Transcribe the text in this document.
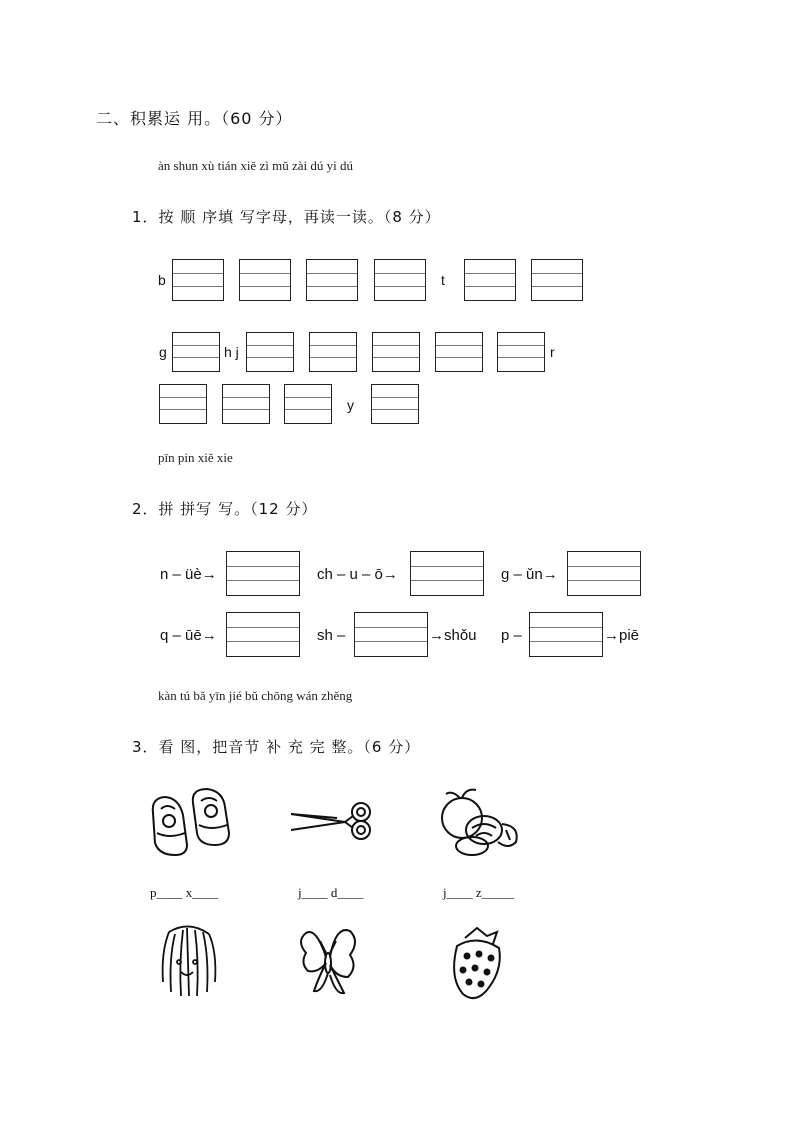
二、积累运 用。（60 分）
àn shun xù tián xiě zì mǔ zài dú yi dú
1．按 顺 序填 写字母，再读一读。（8 分）
b	t
g	h j	r
y
pīn pin xiě xie
2．拼 拼写 写。（12 分）
n – üè→	ch – u – ō→	g – ǔn→
q – ūē→	sh –	→shǒu p –	→piē
kàn tú bǎ yīn jié bǔ chōng wán zhěng
3．看 图，把音节 补 充 完 整。（6 分）
p____ x____	j____ d____	j____ z_____
